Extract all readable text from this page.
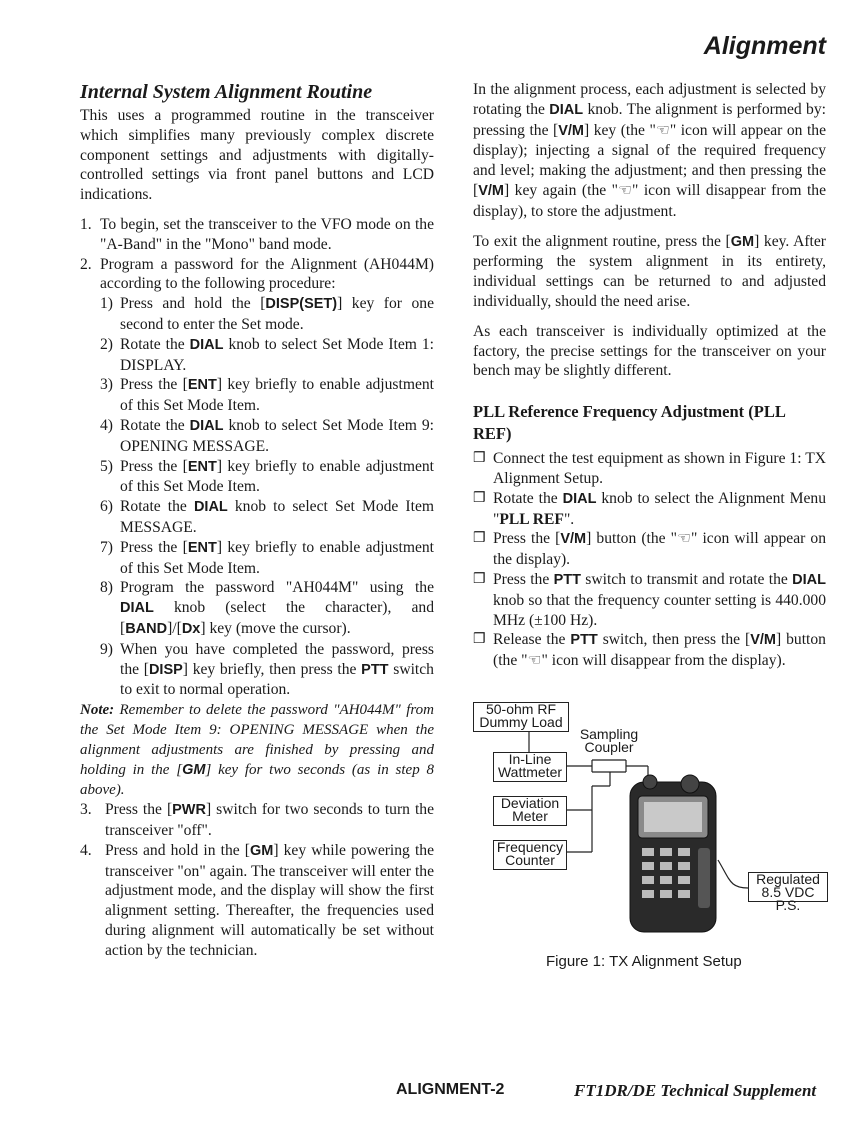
Alignment
Internal System Alignment Routine

This uses a programmed routine in the transceiver which simplifies many previously complex discrete component settings and adjustments with digitally-controlled settings via front panel buttons and LCD indications.

1. To begin, set the transceiver to the VFO mode on the "A-Band" in the "Mono" band mode.
2. Program a password for the Alignment (AH044M) according to the following procedure:
1) Press and hold the [DISP(SET)] key for one second to enter the Set mode.
2) Rotate the DIAL knob to select Set Mode Item 1: DISPLAY.
3) Press the [ENT] key briefly to enable adjustment of this Set Mode Item.
4) Rotate the DIAL knob to select Set Mode Item 9: OPENING MESSAGE.
5) Press the [ENT] key briefly to enable adjustment of this Set Mode Item.
6) Rotate the DIAL knob to select Set Mode Item MESSAGE.
7) Press the [ENT] key briefly to enable adjustment of this Set Mode Item.
8) Program the password "AH044M" using the DIAL knob (select the character), and [BAND]/[Dx] key (move the cursor).
9) When you have completed the password, press the [DISP] key briefly, then press the PTT switch to exit to normal operation.

Note: Remember to delete the password "AH044M" from the Set Mode Item 9: OPENING MESSAGE when the alignment adjustments are finished by pressing and holding in the [GM] key for two seconds (as in step 8 above).

3. Press the [PWR] switch for two seconds to turn the transceiver "off".
4. Press and hold in the [GM] key while powering the transceiver "on" again. The transceiver will enter the adjustment mode, and the display will show the first alignment setting. Thereafter, the frequencies used during alignment will automatically be set without action by the technician.

In the alignment process, each adjustment is selected by rotating the DIAL knob. The alignment is performed by: pressing the [V/M] key (the "☜" icon will appear on the display); injecting a signal of the required frequency and level; making the adjustment; and then pressing the [V/M] key again (the "☜" icon will disappear from the display), to store the adjustment.

To exit the alignment routine, press the [GM] key. After performing the system alignment in its entirety, individual settings can be returned to and adjusted individually, should the need arise.

As each transceiver is individually optimized at the factory, the precise settings for the transceiver on your bench may be slightly different.

PLL Reference Frequency Adjustment (PLL REF)
❒ Connect the test equipment as shown in Figure 1: TX Alignment Setup.
❒ Rotate the DIAL knob to select the Alignment Menu "PLL REF".
❒ Press the [V/M] button (the "☜" icon will appear on the display).
❒ Press the PTT switch to transmit and rotate the DIAL knob so that the frequency counter setting is 440.000 MHz (±100 Hz).
❒ Release the PTT switch, then press the [V/M] button (the "☜" icon will disappear from the display).
50-ohm RF
Dummy Load
Sampling
Coupler
In-Line
Wattmeter
Deviation
Meter
Frequency
Counter
Regulated
8.5 VDC P.S.
Figure 1: TX Alignment Setup
ALIGNMENT-2	FT1DR/DE Technical Supplement
